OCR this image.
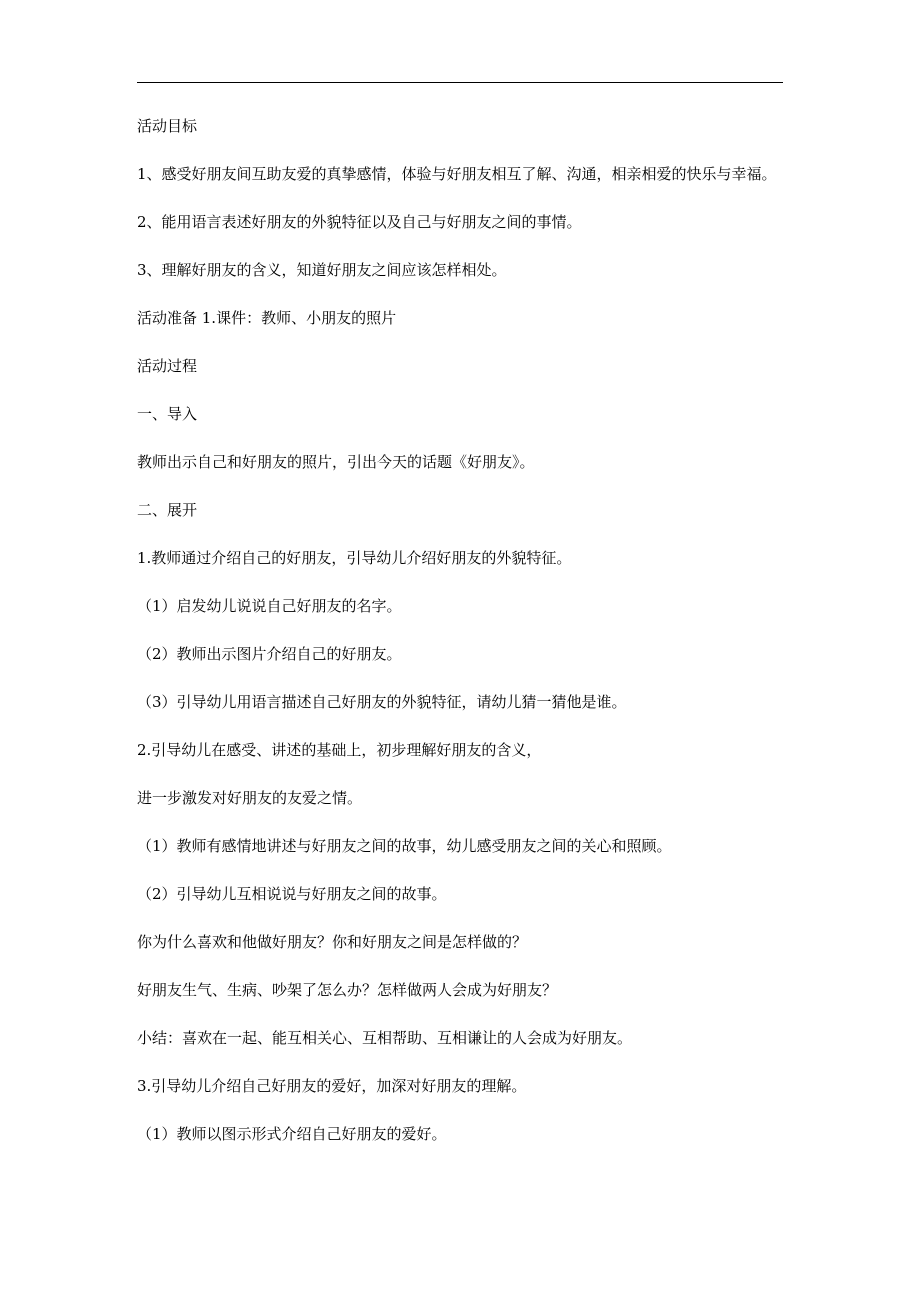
活动目标

1、感受好朋友间互助友爱的真挚感情，体验与好朋友相互了解、沟通，相亲相爱的快乐与幸福。

2、能用语言表述好朋友的外貌特征以及自己与好朋友之间的事情。

3、理解好朋友的含义，知道好朋友之间应该怎样相处。

活动准备 1.课件：教师、小朋友的照片

活动过程

一、导入

教师出示自己和好朋友的照片，引出今天的话题《好朋友》。

二、展开

1.教师通过介绍自己的好朋友，引导幼儿介绍好朋友的外貌特征。

（1）启发幼儿说说自己好朋友的名字。

（2）教师出示图片介绍自己的好朋友。

（3）引导幼儿用语言描述自己好朋友的外貌特征，请幼儿猜一猜他是谁。

2.引导幼儿在感受、讲述的基础上，初步理解好朋友的含义，

进一步激发对好朋友的友爱之情。

（1）教师有感情地讲述与好朋友之间的故事，幼儿感受朋友之间的关心和照顾。

（2）引导幼儿互相说说与好朋友之间的故事。

你为什么喜欢和他做好朋友？你和好朋友之间是怎样做的？

好朋友生气、生病、吵架了怎么办？怎样做两人会成为好朋友？

小结：喜欢在一起、能互相关心、互相帮助、互相谦让的人会成为好朋友。

3.引导幼儿介绍自己好朋友的爱好，加深对好朋友的理解。

（1）教师以图示形式介绍自己好朋友的爱好。
